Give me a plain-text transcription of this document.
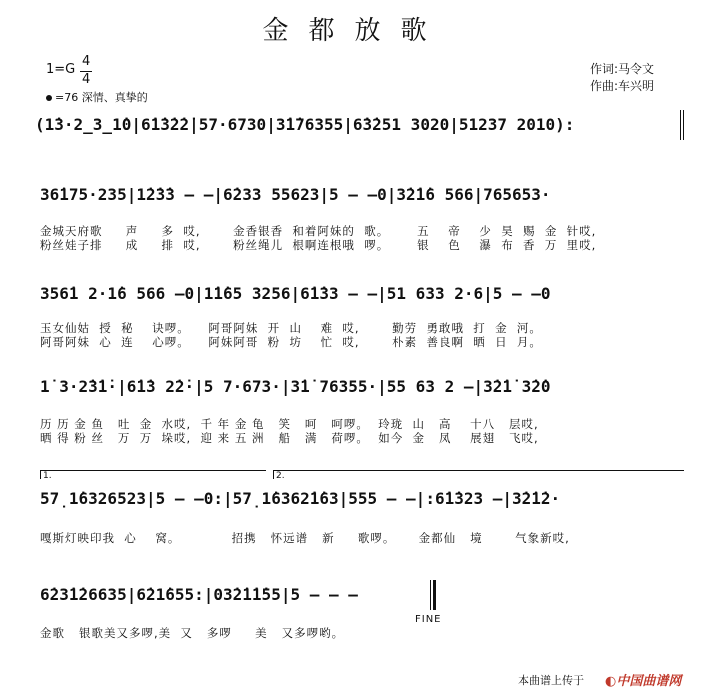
金都放歌
1=G
4
4
=76 深情、真挚的
作词:马令文
作曲:车兴明
(1̇3·2̲3̲1̇0|6̇1̇3̇2̇2̇|57·6730|3̇1̇76355|6̇3̇251 3020|51237 2010):
36̇175·235|1̇2̇3̇3 – –|6̇233 55623|5 – –0|3̇2̇1̇6 566|765653·
金城天府歌     声     多  哎,       金香银香  和着阿妹的  歌。      五    帝    少  昊  赐  金  针哎,
粉丝娃子排     成     排  哎,       粉丝绳儿  根啊连根哦  啰。      银    色    瀑  布  香  万  里哎,
356̇1 2·1̇6 566 –0|1̇1̇65 3256|6̇1̇33 – –|51 633 2·6|5 – –0
玉女仙姑  授  秘    诀啰。    阿哥阿妹  开  山    难  哎,       勤劳  勇敢哦  打  金  河。
阿哥阿妹  心  连    心啰。    阿妹阿哥  粉  坊    忙  哎,       朴素  善良啊  晒  日  月。
1̇ 3·2̇3̇1̇·|6̇1̇3 2̇2̇·|5 7·673·|3̇1̇ 76355·|55 63 2 –|3̇2̇1̇ 3̇2̇0
历 历 金 鱼   吐  金  水哎,  千 年 金 龟   笑   呵   呵啰。  玲珑  山   高    十八   层哎,
晒 得 粉 丝   万  万  垛哎,  迎 来 五 洲   船   满   荷啰。  如今  金   凤    展翅   飞哎,
1.	2.
57̣1̇6326523|5 – –0:|57̣1̇6362̇1̇63|555 – –|:6̇1̇323 –|3̇2̇1̇2·
嘎斯灯映印我  心    窝。           招携   怀远谱   新     歌啰。     金都仙   境       气象新哎,
6̇23̇1̇26635|6̇21̇655:|03̇2̇1̇1̇55|5 – – –
金歌   银歌美又多啰,美  又   多啰     美   又多啰哟。
FINE
本曲谱上传于 ◐中国曲谱网
